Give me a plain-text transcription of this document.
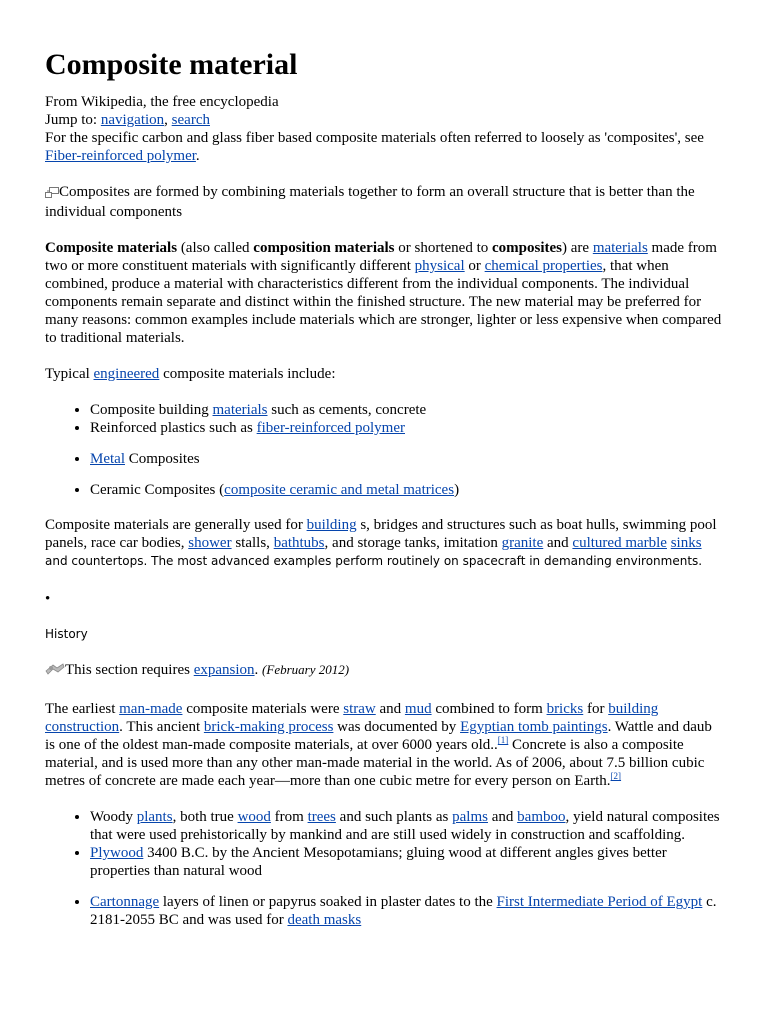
Composite material
From Wikipedia, the free encyclopedia
Jump to: navigation, search
For the specific carbon and glass fiber based composite materials often referred to loosely as 'composites', see Fiber-reinforced polymer.

Composites are formed by combining materials together to form an overall structure that is better than the individual components

Composite materials (also called composition materials or shortened to composites) are materials made from two or more constituent materials with significantly different physical or chemical properties, that when combined, produce a material with characteristics different from the individual components. The individual components remain separate and distinct within the finished structure. The new material may be preferred for many reasons: common examples include materials which are stronger, lighter or less expensive when compared to traditional materials.

Typical engineered composite materials include:

• Composite building materials such as cements, concrete
• Reinforced plastics such as fiber-reinforced polymer
• Metal Composites
• Ceramic Composites (composite ceramic and metal matrices)

Composite materials are generally used for building s, bridges and structures such as boat hulls, swimming pool panels, race car bodies, shower stalls, bathtubs, and storage tanks, imitation granite and cultured marble sinks
and countertops. The most advanced examples perform routinely on spacecraft in demanding environments.

•
History

This section requires expansion. (February 2012)

The earliest man-made composite materials were straw and mud combined to form bricks for building construction. This ancient brick-making process was documented by Egyptian tomb paintings. Wattle and daub is one of the oldest man-made composite materials, at over 6000 years old..[1] Concrete is also a composite material, and is used more than any other man-made material in the world. As of 2006, about 7.5 billion cubic metres of concrete are made each year—more than one cubic metre for every person on Earth.[2]

• Woody plants, both true wood from trees and such plants as palms and bamboo, yield natural composites that were used prehistorically by mankind and are still used widely in construction and scaffolding.
• Plywood 3400 B.C. by the Ancient Mesopotamians; gluing wood at different angles gives better properties than natural wood
• Cartonnage layers of linen or papyrus soaked in plaster dates to the First Intermediate Period of Egypt c. 2181-2055 BC and was used for death masks
